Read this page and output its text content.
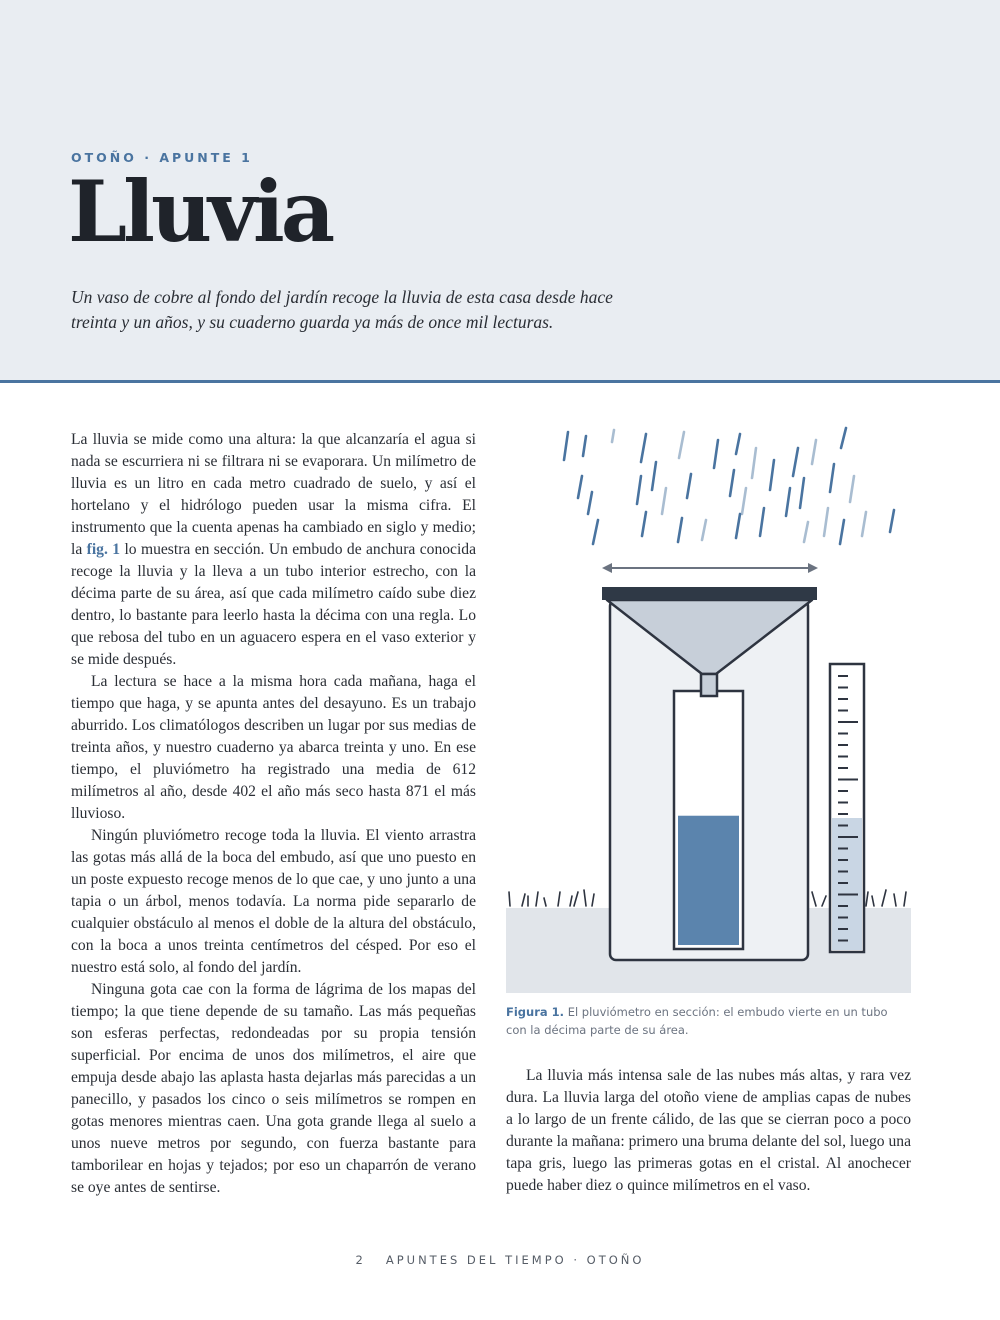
OTOÑO · APUNTE 1
Lluvia

Un vaso de cobre al fondo del jardín recoge la lluvia de esta casa desde hace treinta y un años, y su cuaderno guarda ya más de once mil lecturas.

La lluvia se mide como una altura: la que alcanzaría el agua si nada se escurriera ni se filtrara ni se evaporara. Un milímetro de lluvia es un litro en cada metro cuadrado de suelo, y así el hortelano y el hidrólogo pueden usar la misma cifra. El instrumento que la cuenta apenas ha cambiado en siglo y medio; la fig. 1 lo muestra en sección. Un embudo de anchura conocida recoge la lluvia y la lleva a un tubo interior estrecho, con la décima parte de su área, así que cada milímetro caído sube diez dentro, lo bastante para leerlo hasta la décima con una regla. Lo que rebosa del tubo en un aguacero espera en el vaso exterior y se mide después.

La lectura se hace a la misma hora cada mañana, haga el tiempo que haga, y se apunta antes del desayuno. Es un trabajo aburrido. Los climatólogos describen un lugar por sus medias de treinta años, y nuestro cuaderno ya abarca treinta y uno. En ese tiempo, el pluviómetro ha registrado una media de 612 milímetros al año, desde 402 el año más seco hasta 871 el más lluvioso.

Ningún pluviómetro recoge toda la lluvia. El viento arrastra las gotas más allá de la boca del embudo, así que uno puesto en un poste expuesto recoge menos de lo que cae, y uno junto a una tapia o un árbol, menos todavía. La norma pide separarlo de cualquier obstáculo al menos el doble de la altura del obstáculo, con la boca a unos treinta centímetros del césped. Por eso el nuestro está solo, al fondo del jardín.

Ninguna gota cae con la forma de lágrima de los mapas del tiempo; la que tiene depende de su tamaño. Las más pequeñas son esferas perfectas, redondeadas por su propia tensión superficial. Por encima de unos dos milímetros, el aire que empuja desde abajo las aplasta hasta dejarlas más parecidas a un panecillo, y pasados los cinco o seis milímetros se rompen en gotas menores mientras caen. Una gota grande llega al suelo a unos nueve metros por segundo, con fuerza bastante para tamborilear en hojas y tejados; por eso un chaparrón de verano se oye antes de sentirse.

Figura 1. El pluviómetro en sección: el embudo vierte en un tubo con la décima parte de su área.

La lluvia más intensa sale de las nubes más altas, y rara vez dura. La lluvia larga del otoño viene de amplias capas de nubes a lo largo de un frente cálido, de las que se cierran poco a poco durante la mañana: primero una bruma delante del sol, luego una tapa gris, luego las primeras gotas en el cristal. Al anochecer puede haber diez o quince milímetros en el vaso.

2 APUNTES DEL TIEMPO · OTOÑO
